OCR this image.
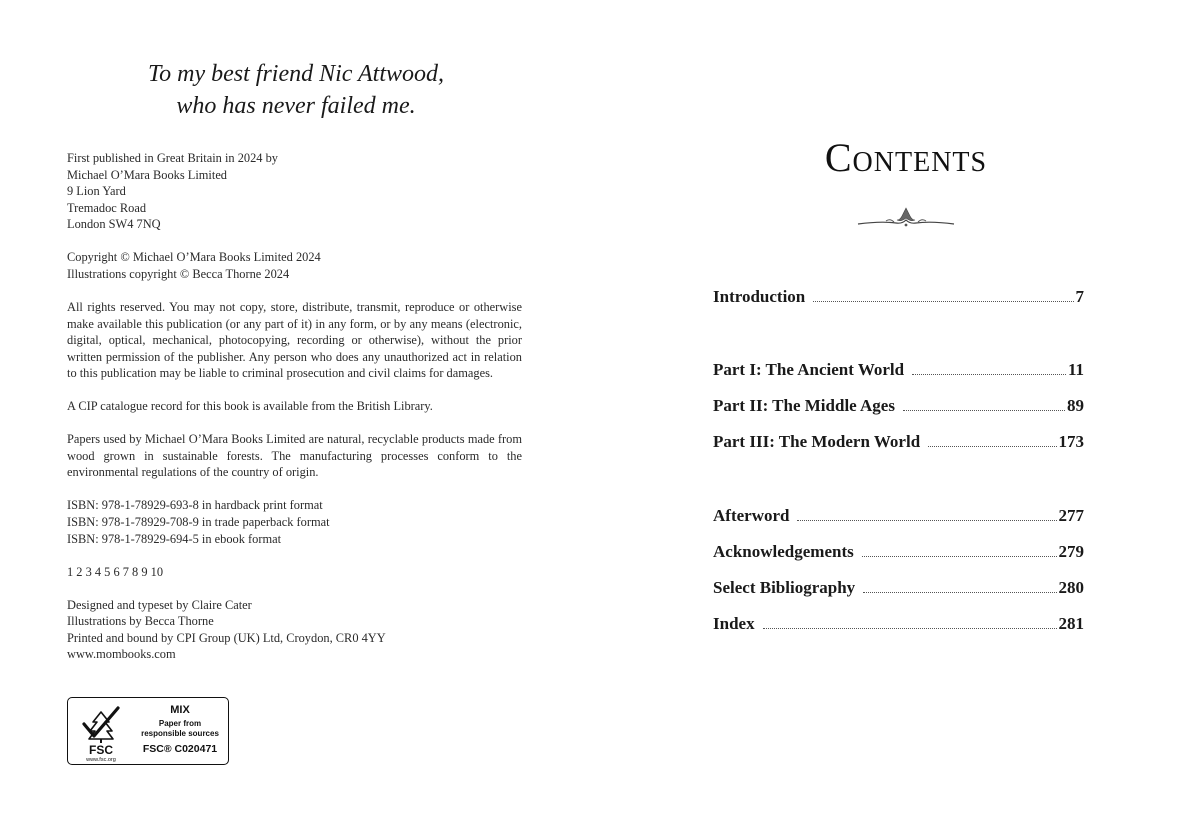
To my best friend Nic Attwood,
who has never failed me.
First published in Great Britain in 2024 by
Michael O’Mara Books Limited
9 Lion Yard
Tremadoc Road
London SW4 7NQ
Copyright © Michael O’Mara Books Limited 2024
Illustrations copyright © Becca Thorne 2024
All rights reserved. You may not copy, store, distribute, transmit, reproduce or otherwise make available this publication (or any part of it) in any form, or by any means (electronic, digital, optical, mechanical, photocopying, recording or otherwise), without the prior written permission of the publisher. Any person who does any unauthorized act in relation to this publication may be liable to criminal prosecution and civil claims for damages.
A CIP catalogue record for this book is available from the British Library.
Papers used by Michael O’Mara Books Limited are natural, recyclable products made from wood grown in sustainable forests. The manufacturing processes conform to the environmental regulations of the country of origin.
ISBN: 978-1-78929-693-8 in hardback print format
ISBN: 978-1-78929-708-9 in trade paperback format
ISBN: 978-1-78929-694-5 in ebook format
1 2 3 4 5 6 7 8 9 10
Designed and typeset by Claire Cater
Illustrations by Becca Thorne
Printed and bound by CPI Group (UK) Ltd, Croydon, CR0 4YY
www.mombooks.com
FSC
www.fsc.org
MIX
Paper from
responsible sources
FSC® C020471
Contents
Introduction	7
Part I: The Ancient World	11
Part II: The Middle Ages	89
Part III: The Modern World	173
Afterword	277
Acknowledgements	279
Select Bibliography	280
Index	281
